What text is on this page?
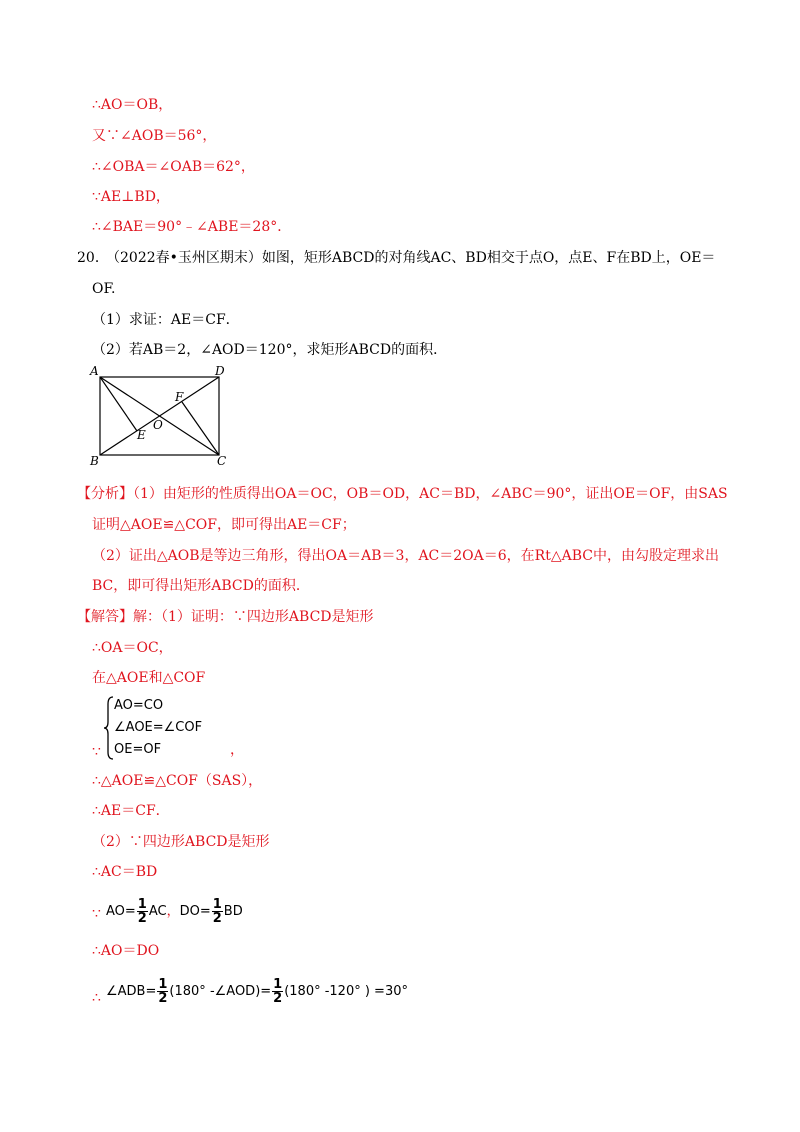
∴AO＝OB，
又∵∠AOB＝56°，
∴∠OBA＝∠OAB＝62°，
∵AE⊥BD，
∴∠BAE＝90°﹣∠ABE＝28°．
20．
（2022春•玉州区期末）如图，矩形ABCD的对角线AC、BD相交于点O，点E、F在BD上，OE＝
OF.
（1）求证：AE＝CF．
（2）若AB＝2，∠AOD＝120°，求矩形ABCD的面积．
A	D
B	C
F
O
E
【分析】（1）由矩形的性质得出OA＝OC，OB＝OD，AC＝BD，∠ABC＝90°，证出OE＝OF，由SAS
证明△AOE≌△COF，即可得出AE＝CF；
（2）证出△AOB是等边三角形，得出OA＝AB＝3，AC＝2OA＝6，在Rt△ABC中，由勾股定理求出
BC，即可得出矩形ABCD的面积．
【解答】解：（1）证明：∵四边形ABCD是矩形
∴OA＝OC，
在△AOE和△COF
AO=CO
∠AOE=∠COF
OE=OF
∵	，
∴△AOE≌△COF（SAS），
∴AE＝CF．
（2）∵四边形ABCD是矩形
∴AC＝BD
∵ $AO= \frac{1}{2}$ AC，$DO= \frac{1}{2}$ BD
∴AO＝DO
∴ ∠ADB= $\frac{1}{2} (180^\circ$ -∠AOD)= $\frac{1}{2} (180^\circ$ -120° ) =30°
